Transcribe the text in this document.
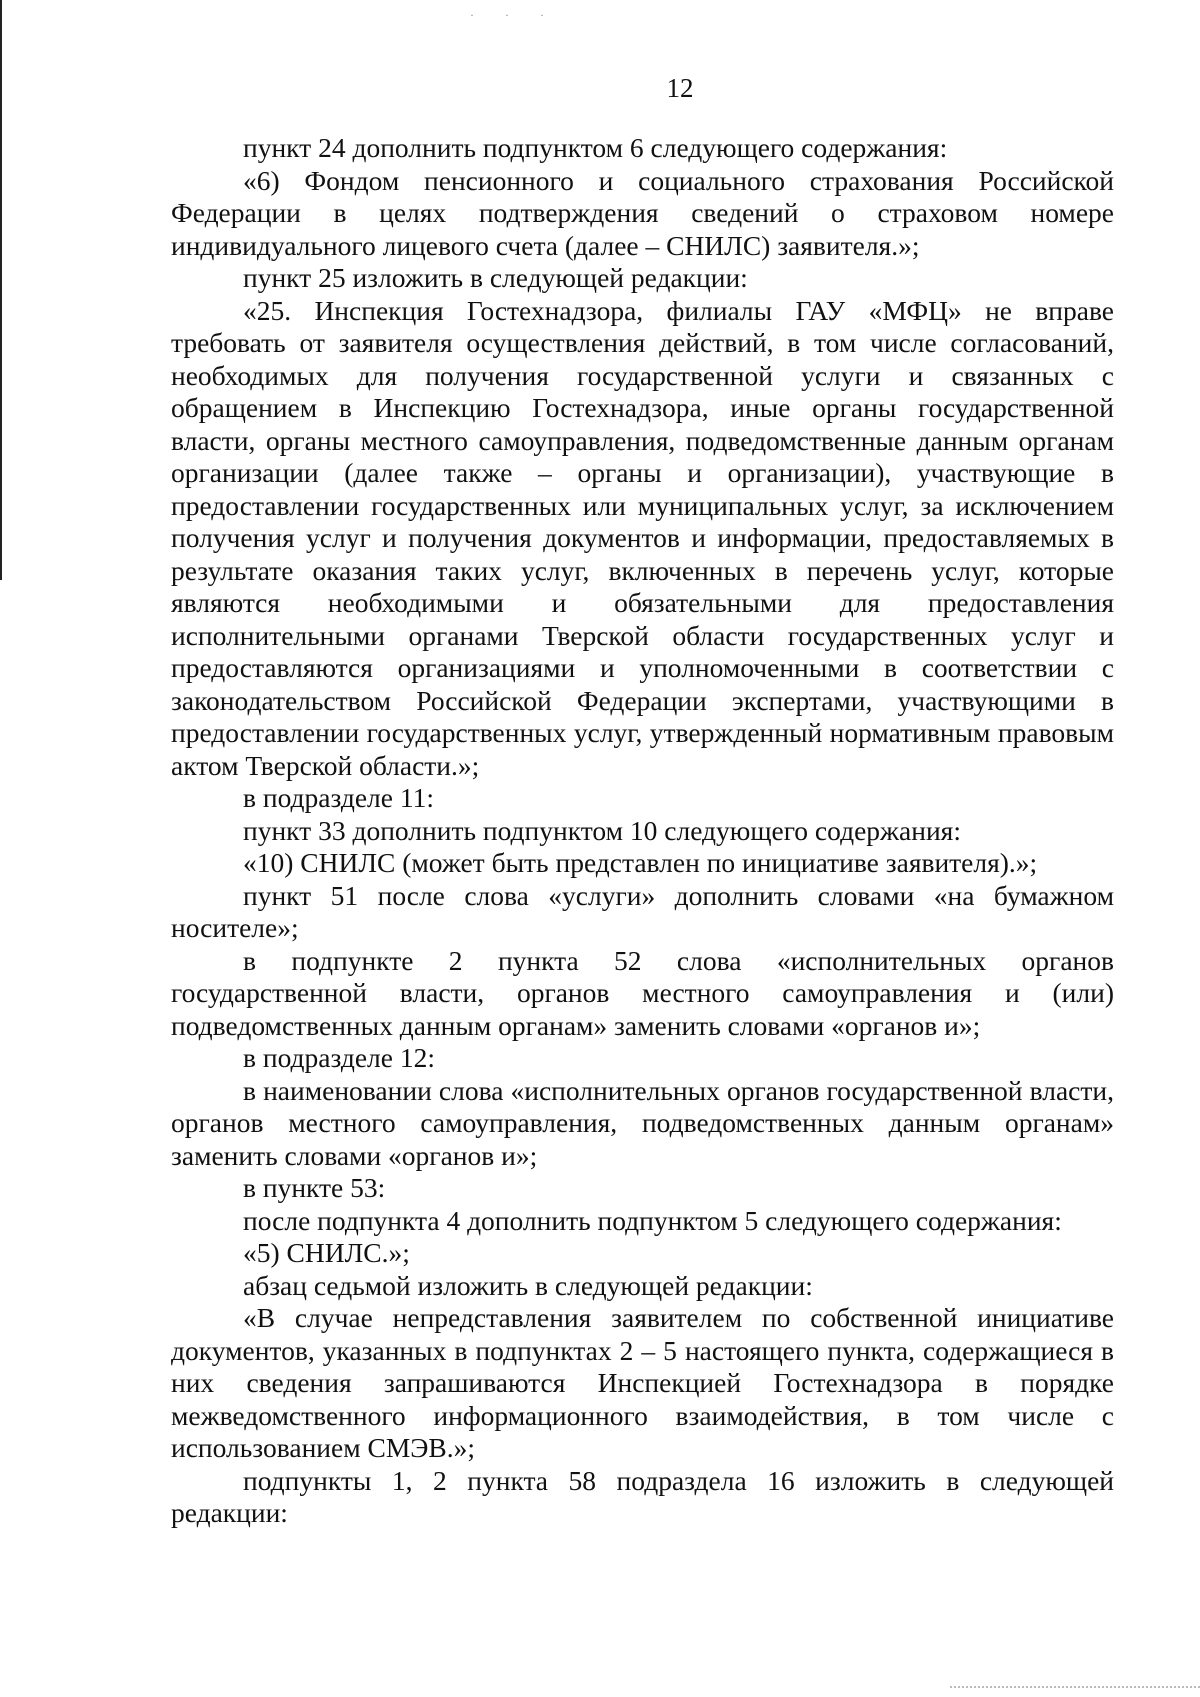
· · ·
12

пункт 24 дополнить подпунктом 6 следующего содержания:

«6) Фондом пенсионного и социального страхования Российской Федерации в целях подтверждения сведений о страховом номере индивидуального лицевого счета (далее – СНИЛС) заявителя.»;

пункт 25 изложить в следующей редакции:

«25. Инспекция Гостехнадзора, филиалы ГАУ «МФЦ» не вправе требовать от заявителя осуществления действий, в том числе согласований, необходимых для получения государственной услуги и связанных с обращением в Инспекцию Гостехнадзора, иные органы государственной власти, органы местного самоуправления, подведомственные данным органам организации (далее также – органы и организации), участвующие в предоставлении государственных или муниципальных услуг, за исключением получения услуг и получения документов и информации, предоставляемых в результате оказания таких услуг, включенных в перечень услуг, которые являются необходимыми и обязательными для предоставления исполнительными органами Тверской области государственных услуг и предоставляются организациями и уполномоченными в соответствии с законодательством Российской Федерации экспертами, участвующими в предоставлении государственных услуг, утвержденный нормативным правовым актом Тверской области.»;

в подразделе 11:

пункт 33 дополнить подпунктом 10 следующего содержания:

«10) СНИЛС (может быть представлен по инициативе заявителя).»;

пункт 51 после слова «услуги» дополнить словами «на бумажном носителе»;

в подпункте 2 пункта 52 слова «исполнительных органов государственной власти, органов местного самоуправления и (или) подведомственных данным органам» заменить словами «органов и»;

в подразделе 12:

в наименовании слова «исполнительных органов государственной власти, органов местного самоуправления, подведомственных данным органам» заменить словами «органов и»;

в пункте 53:

после подпункта 4 дополнить подпунктом 5 следующего содержания:

«5) СНИЛС.»;

абзац седьмой изложить в следующей редакции:

«В случае непредставления заявителем по собственной инициативе документов, указанных в подпунктах 2 – 5 настоящего пункта, содержащиеся в них сведения запрашиваются Инспекцией Гостехнадзора в порядке межведомственного информационного взаимодействия, в том числе с использованием СМЭВ.»;

подпункты 1, 2 пункта 58 подраздела 16 изложить в следующей редакции:
